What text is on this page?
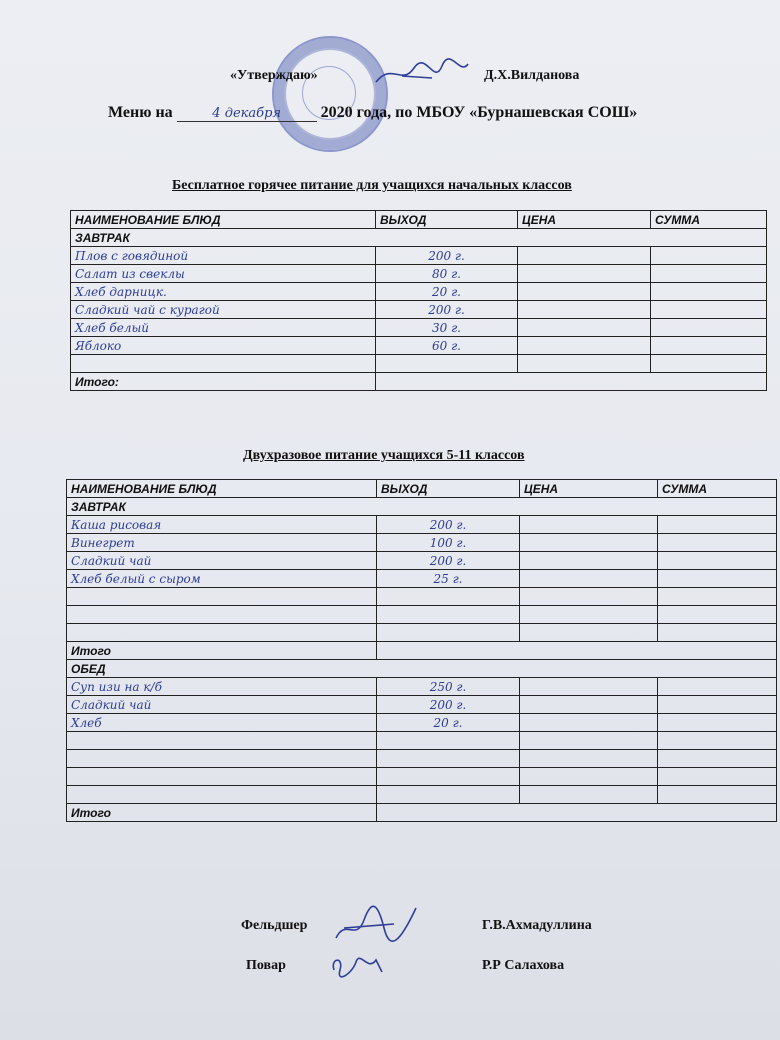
«Утверждаю»	Д.Х.Вилданова
Меню на	4 декабря 2020 года, по МБОУ «Бурнашевская СОШ»
Бесплатное горячее питание для учащихся начальных классов
НАИМЕНОВАНИЕ БЛЮД	ВЫХОД	ЦЕНА	СУММА
ЗАВТРАК			
Плов с говядиной	200 г.		
Салат из свеклы	80 г.		
Хлеб дарницк.	20 г.		
Сладкий чай с курагой	200 г.		
Хлеб белый	30 г.		
Яблоко	60 г.		

Итого:			
Двухразовое питание учащихся 5-11 классов
НАИМЕНОВАНИЕ БЛЮД	ВЫХОД	ЦЕНА	СУММА
ЗАВТРАК			
Каша рисовая	200 г.		
Винегрет	100 г.		
Сладкий чай	200 г.		
Хлеб белый с сыром	25 г.		

Итого			
ОБЕД			
Суп изи на к/б	250 г.		
Сладкий чай	200 г.		
Хлеб	20 г.		

Итого			
Фельдшер	Г.В.Ахмадуллина
Повар	Р.Р Салахова
